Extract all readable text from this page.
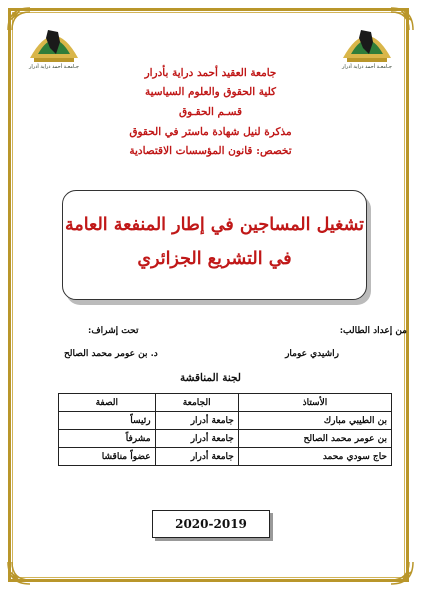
جـامعـة أحمد دراية أدرار	جـامعـة أحمد دراية أدرار
جامعة العقيد أحمد دراية بأدرار
كلية الحقوق والعلوم السياسية
قسـم الحقـوق
مذكرة لنيل شهادة ماستر في الحقوق
تخصص: قانون المؤسسات الاقتصادية
تشغيل المساجين في إطار المنفعة العامة
في التشريع الجزائري
من إعداد الطالب:
راشيدي عومار
تحت إشراف:
د. بن عومر محمد الصالح
لجنة المناقشة
الأستاذ	الجامعة	الصفة
بن الطيبي مبارك	جامعة أدرار	رئيساً
بن عومر محمد الصالح	جامعة أدرار	مشرفاً
حاج سودي محمد	جامعة أدرار	عضواً مناقشا
2020-2019
